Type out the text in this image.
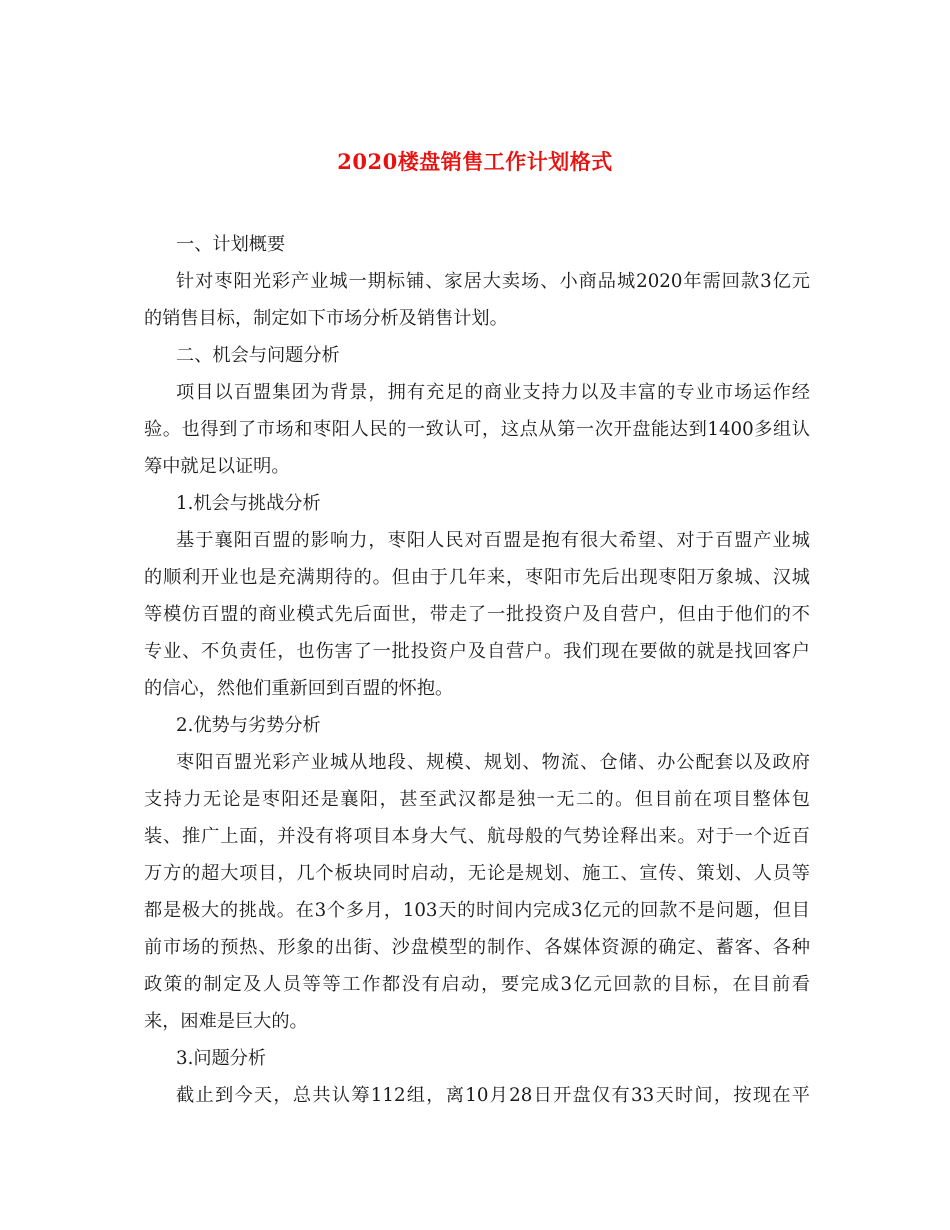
2020楼盘销售工作计划格式

一、计划概要

针对枣阳光彩产业城一期标铺、家居大卖场、小商品城2020年需回款3亿元
的销售目标，制定如下市场分析及销售计划。

二、机会与问题分析

项目以百盟集团为背景，拥有充足的商业支持力以及丰富的专业市场运作经
验。也得到了市场和枣阳人民的一致认可，这点从第一次开盘能达到1400多组认
筹中就足以证明。

1.机会与挑战分析

基于襄阳百盟的影响力，枣阳人民对百盟是抱有很大希望、对于百盟产业城
的顺利开业也是充满期待的。但由于几年来，枣阳市先后出现枣阳万象城、汉城
等模仿百盟的商业模式先后面世，带走了一批投资户及自营户，但由于他们的不
专业、不负责任，也伤害了一批投资户及自营户。我们现在要做的就是找回客户
的信心，然他们重新回到百盟的怀抱。

2.优势与劣势分析

枣阳百盟光彩产业城从地段、规模、规划、物流、仓储、办公配套以及政府
支持力无论是枣阳还是襄阳，甚至武汉都是独一无二的。但目前在项目整体包
装、推广上面，并没有将项目本身大气、航母般的气势诠释出来。对于一个近百
万方的超大项目，几个板块同时启动，无论是规划、施工、宣传、策划、人员等
都是极大的挑战。在3个多月，103天的时间内完成3亿元的回款不是问题，但目
前市场的预热、形象的出街、沙盘模型的制作、各媒体资源的确定、蓄客、各种
政策的制定及人员等等工作都没有启动，要完成3亿元回款的目标，在目前看
来，困难是巨大的。

3.问题分析

截止到今天，总共认筹112组，离10月28日开盘仅有33天时间，按现在平
